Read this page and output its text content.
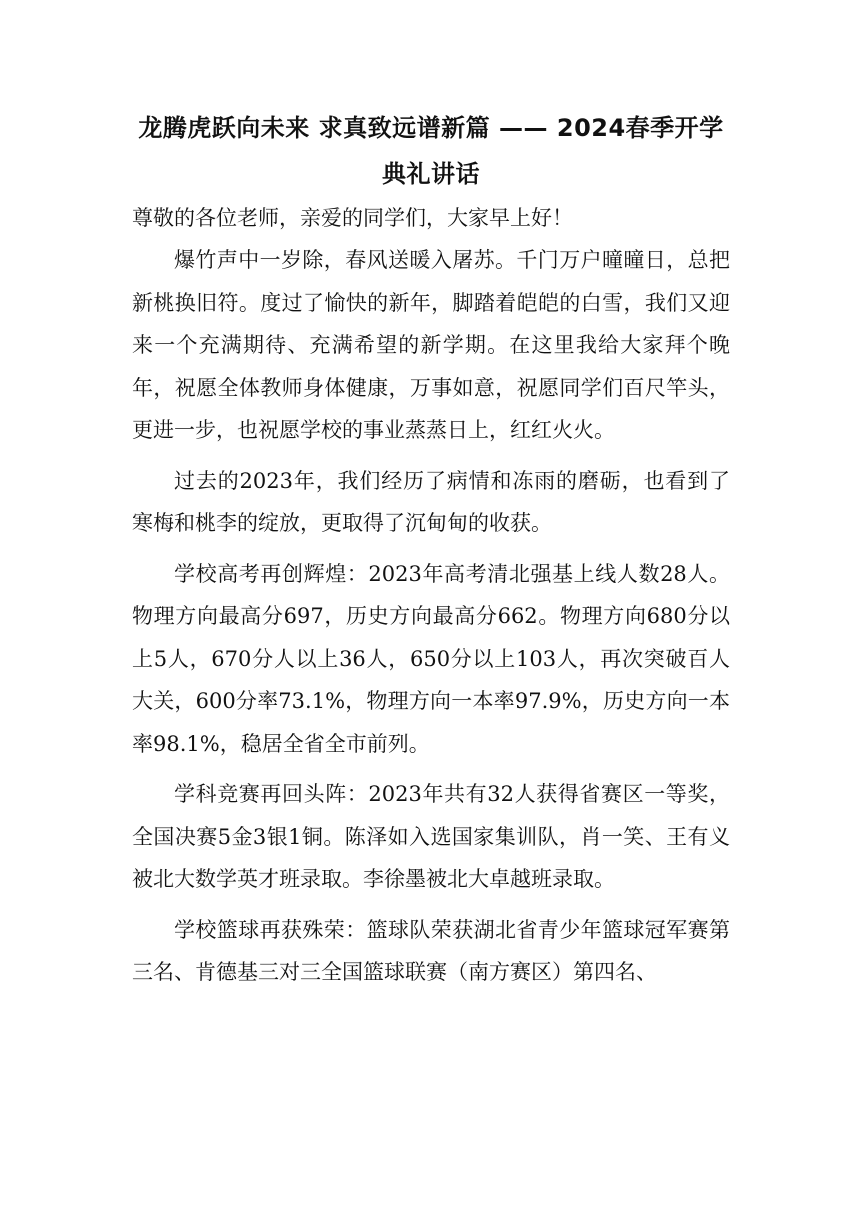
龙腾虎跃向未来 求真致远谱新篇 —— 2024春季开学典礼讲话

尊敬的各位老师，亲爱的同学们，大家早上好！

爆竹声中一岁除，春风送暖入屠苏。千门万户曈曈日，总把新桃换旧符。度过了愉快的新年，脚踏着皑皑的白雪，我们又迎来一个充满期待、充满希望的新学期。在这里我给大家拜个晚年，祝愿全体教师身体健康，万事如意，祝愿同学们百尺竿头，更进一步，也祝愿学校的事业蒸蒸日上，红红火火。

过去的2023年，我们经历了病情和冻雨的磨砺，也看到了寒梅和桃李的绽放，更取得了沉甸甸的收获。

学校高考再创辉煌：2023年高考清北强基上线人数28人。物理方向最高分697，历史方向最高分662。物理方向680分以上5人，670分人以上36人，650分以上103人，再次突破百人大关，600分率73.1%，物理方向一本率97.9%，历史方向一本率98.1%，稳居全省全市前列。

学科竞赛再回头阵：2023年共有32人获得省赛区一等奖，全国决赛5金3银1铜。陈泽如入选国家集训队，肖一笑、王有义被北大数学英才班录取。李徐墨被北大卓越班录取。

学校篮球再获殊荣：篮球队荣获湖北省青少年篮球冠军赛第三名、肯德基三对三全国篮球联赛（南方赛区）第四名、
